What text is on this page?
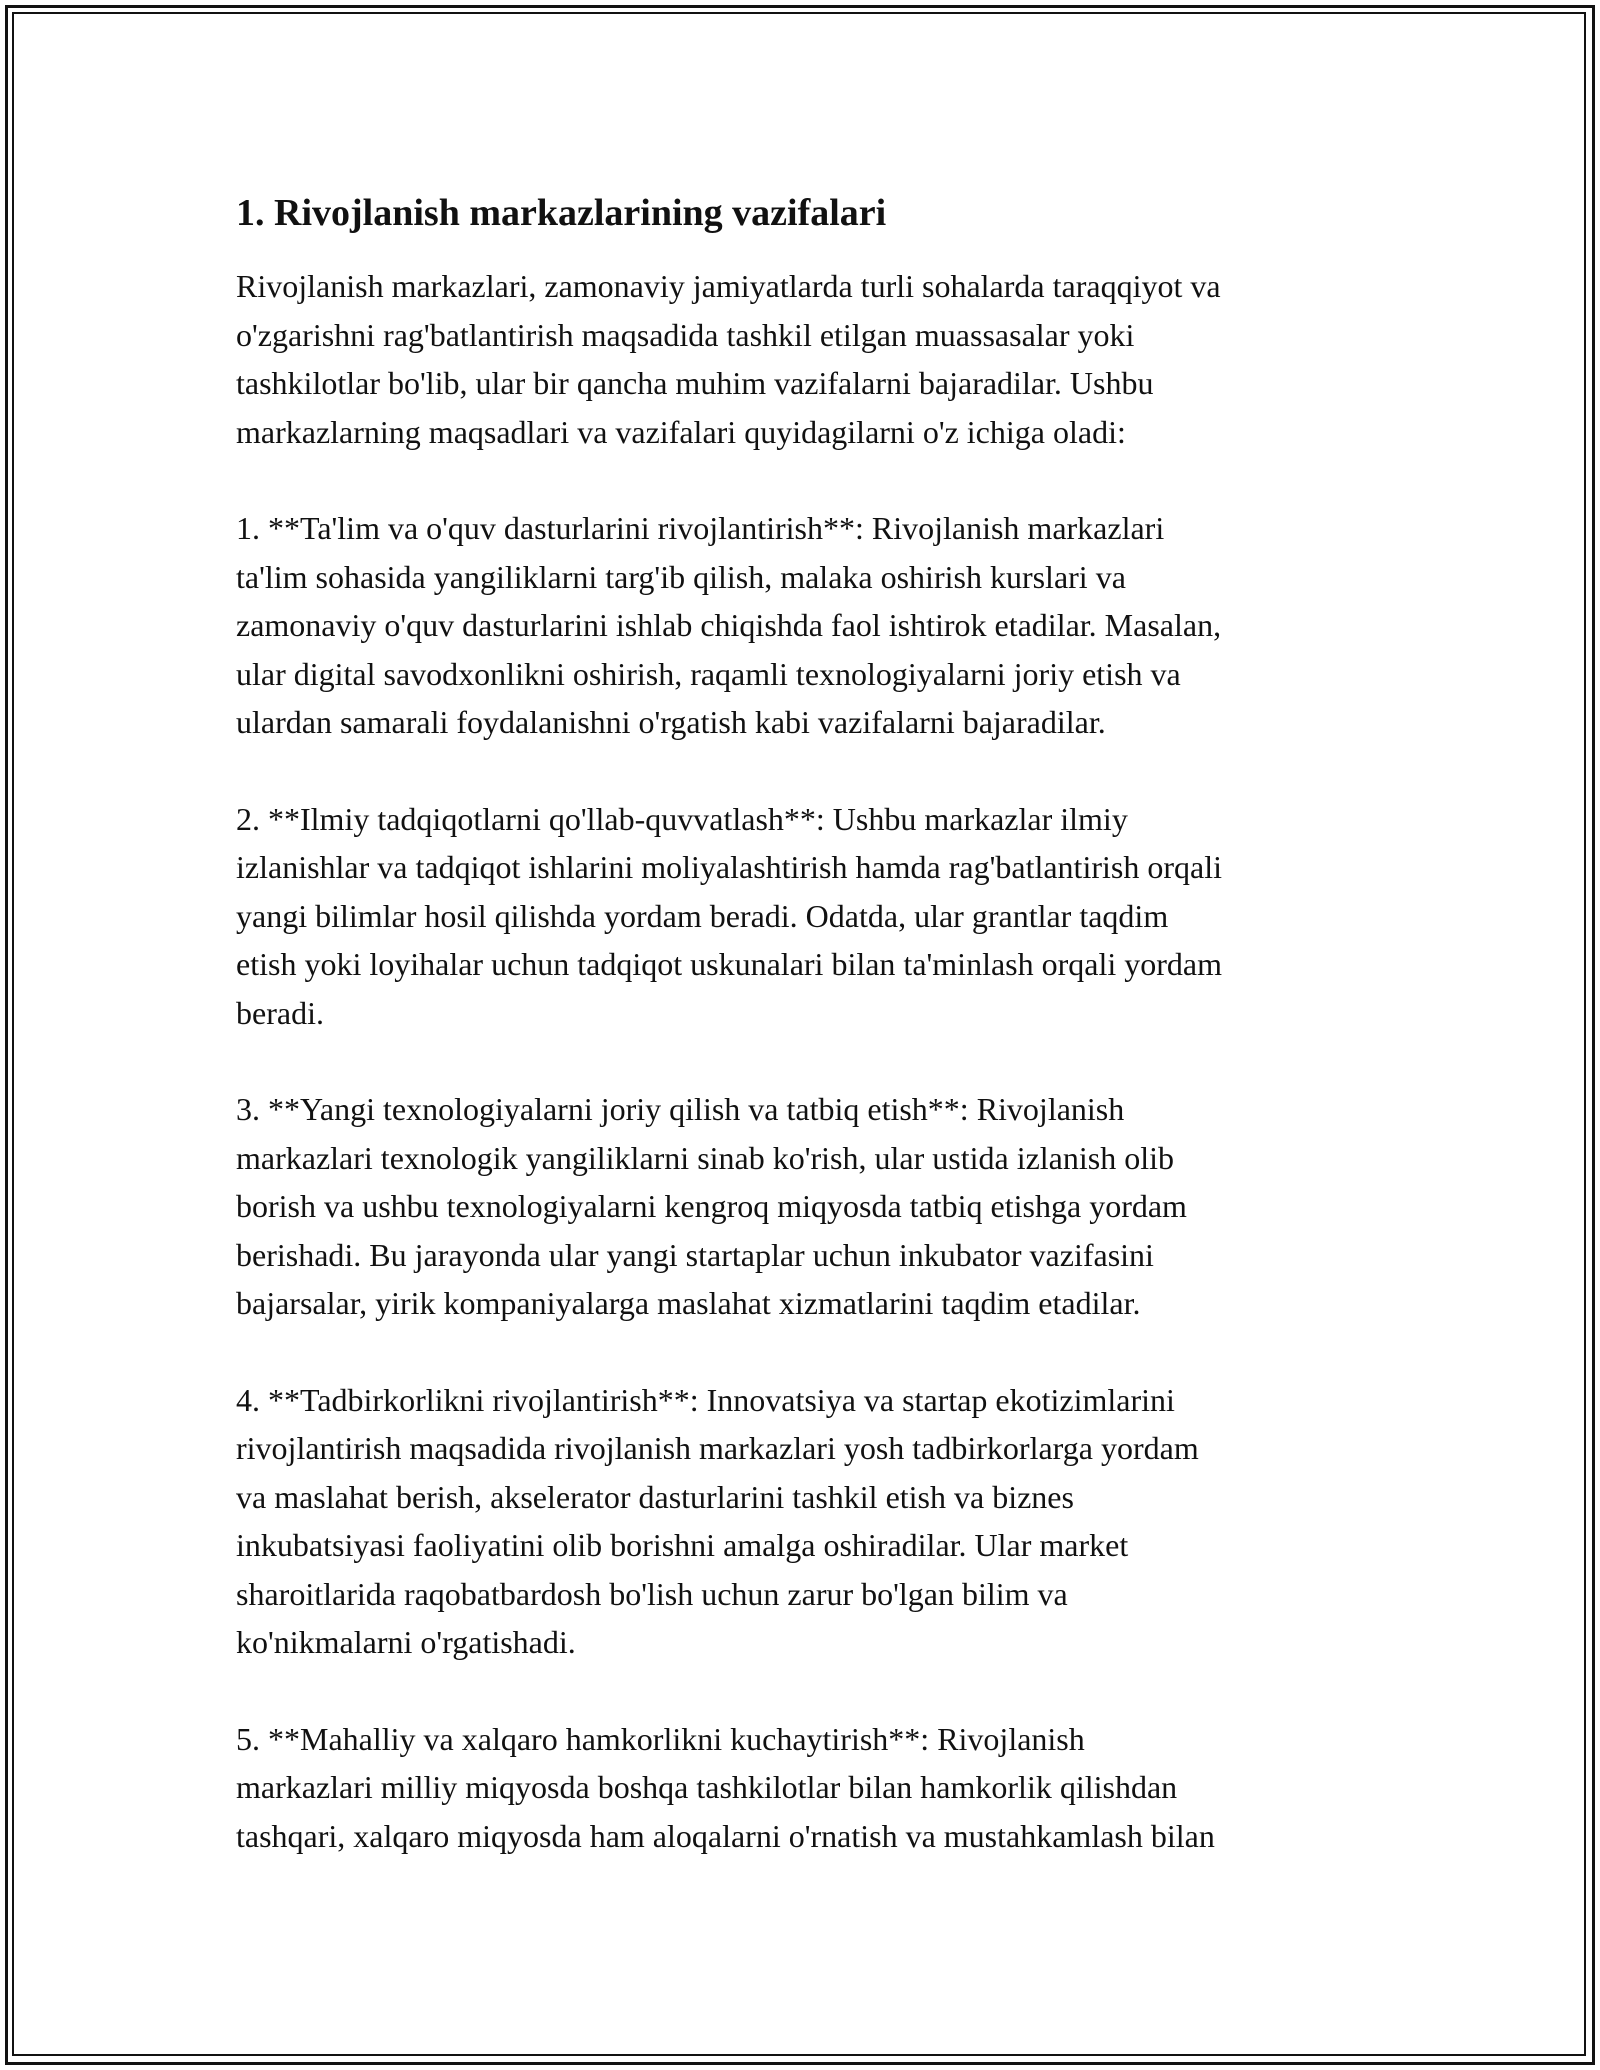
1. Rivojlanish markazlarining vazifalari

Rivojlanish markazlari, zamonaviy jamiyatlarda turli sohalarda taraqqiyot va
o'zgarishni rag'batlantirish maqsadida tashkil etilgan muassasalar yoki
tashkilotlar bo'lib, ular bir qancha muhim vazifalarni bajaradilar. Ushbu
markazlarning maqsadlari va vazifalari quyidagilarni o'z ichiga oladi:

1. **Ta'lim va o'quv dasturlarini rivojlantirish**: Rivojlanish markazlari
ta'lim sohasida yangiliklarni targ'ib qilish, malaka oshirish kurslari va
zamonaviy o'quv dasturlarini ishlab chiqishda faol ishtirok etadilar. Masalan,
ular digital savodxonlikni oshirish, raqamli texnologiyalarni joriy etish va
ulardan samarali foydalanishni o'rgatish kabi vazifalarni bajaradilar.

2. **Ilmiy tadqiqotlarni qo'llab-quvvatlash**: Ushbu markazlar ilmiy
izlanishlar va tadqiqot ishlarini moliyalashtirish hamda rag'batlantirish orqali
yangi bilimlar hosil qilishda yordam beradi. Odatda, ular grantlar taqdim
etish yoki loyihalar uchun tadqiqot uskunalari bilan ta'minlash orqali yordam
beradi.

3. **Yangi texnologiyalarni joriy qilish va tatbiq etish**: Rivojlanish
markazlari texnologik yangiliklarni sinab ko'rish, ular ustida izlanish olib
borish va ushbu texnologiyalarni kengroq miqyosda tatbiq etishga yordam
berishadi. Bu jarayonda ular yangi startaplar uchun inkubator vazifasini
bajarsalar, yirik kompaniyalarga maslahat xizmatlarini taqdim etadilar.

4. **Tadbirkorlikni rivojlantirish**: Innovatsiya va startap ekotizimlarini
rivojlantirish maqsadida rivojlanish markazlari yosh tadbirkorlarga yordam
va maslahat berish, akselerator dasturlarini tashkil etish va biznes
inkubatsiyasi faoliyatini olib borishni amalga oshiradilar. Ular market
sharoitlarida raqobatbardosh bo'lish uchun zarur bo'lgan bilim va
ko'nikmalarni o'rgatishadi.

5. **Mahalliy va xalqaro hamkorlikni kuchaytirish**: Rivojlanish
markazlari milliy miqyosda boshqa tashkilotlar bilan hamkorlik qilishdan
tashqari, xalqaro miqyosda ham aloqalarni o'rnatish va mustahkamlash bilan
